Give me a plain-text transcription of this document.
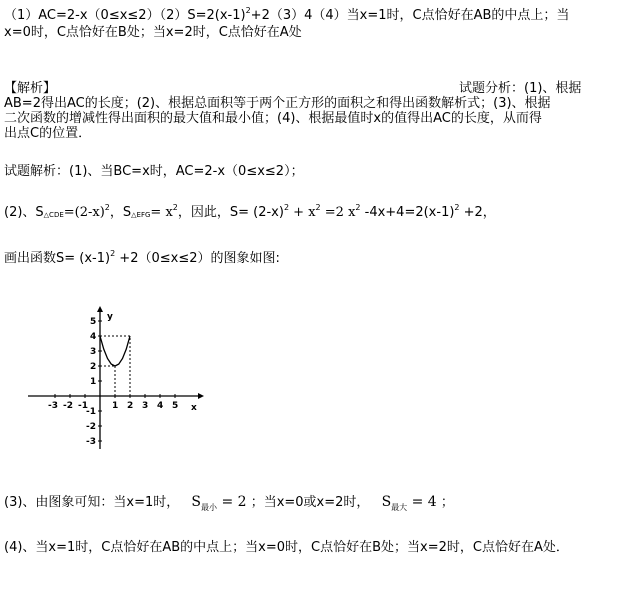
$(1)AC=2-x(0\le x\le 2)(2)S=2(x-1)^2+2(3)4(4)$当x=1时，C点恰好在AB的中点上；当
x=0时，C点恰好在B处；当x=2时，C点恰好在A处
【解析】	试题分析：(1)、根据
AB=2得出AC的长度；(2)、根据总面积等于两个正方形的面积之和得出函数解析式；(3)、根据
二次函数的增减性得出面积的最大值和最小值；(4)、根据最值时x的值得出AC的长度，从而得
出点C的位置．
试题解析：(1)、当BC=x时，AC=2-x（0≤x≤2）；
(2)、$S_{\triangle CDE}=(2-x)^2$，$S_{\triangle EFG}= x^2$，因此，$S= (2-x)^2 + x^2 =2$ $x^2$ $-4x+4=2(x-1)^2 +2$，
画出函数$S= (x-1)^2 +2(0\le x\le 2)$的图象如图:
x
y
-1
-2
-3	1 2 3 4 5
5
4
3
2
1
-1
-2
-3
(3)、由图象可知：当x=1时， $S_{最小} = 2$ ；当x=0或x=2时， $S_{最大} = 4$ ；
(4)、当x=1时，C点恰好在AB的中点上；当x=0时，C点恰好在B处；当x=2时，C点恰好在A处．
